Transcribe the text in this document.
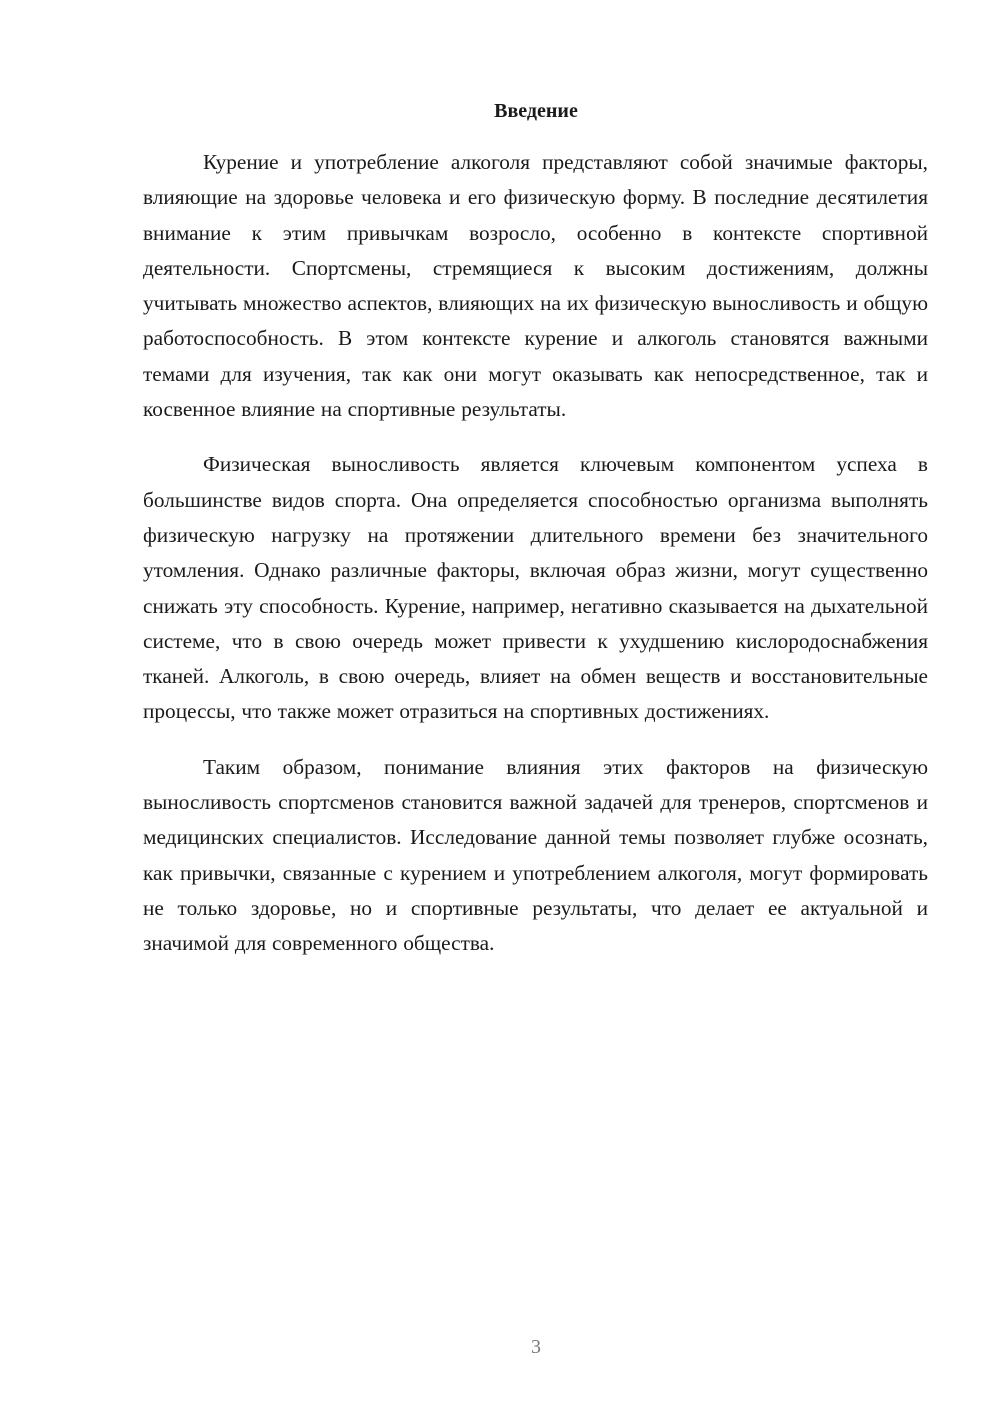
Введение

Курение и употребление алкоголя представляют собой значимые факторы, влияющие на здоровье человека и его физическую форму. В последние десятилетия внимание к этим привычкам возросло, особенно в контексте спортивной деятельности. Спортсмены, стремящиеся к высоким достижениям, должны учитывать множество аспектов, влияющих на их физическую выносливость и общую работоспособность. В этом контексте курение и алкоголь становятся важными темами для изучения, так как они могут оказывать как непосредственное, так и косвенное влияние на спортивные результаты.

Физическая выносливость является ключевым компонентом успеха в большинстве видов спорта. Она определяется способностью организма выполнять физическую нагрузку на протяжении длительного времени без значительного утомления. Однако различные факторы, включая образ жизни, могут существенно снижать эту способность. Курение, например, негативно сказывается на дыхательной системе, что в свою очередь может привести к ухудшению кислородоснабжения тканей. Алкоголь, в свою очередь, влияет на обмен веществ и восстановительные процессы, что также может отразиться на спортивных достижениях.

Таким образом, понимание влияния этих факторов на физическую выносливость спортсменов становится важной задачей для тренеров, спортсменов и медицинских специалистов. Исследование данной темы позволяет глубже осознать, как привычки, связанные с курением и употреблением алкоголя, могут формировать не только здоровье, но и спортивные результаты, что делает ее актуальной и значимой для современного общества.

3
